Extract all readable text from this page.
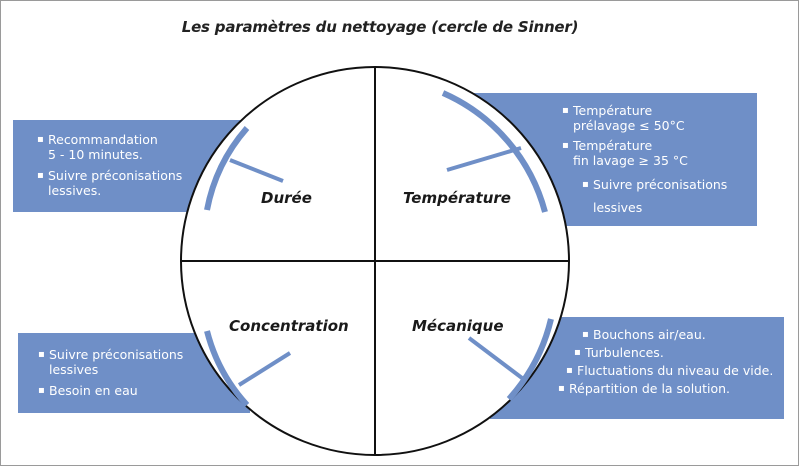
Les paramètres du nettoyage (cercle de Sinner)
▪ Recommandation
5 - 10 minutes.
▪ Suivre préconisations
lessives.
▪ Température
prélavage ≤ 50°C
▪ Température
fin lavage ≥ 35 °C
▪ Suivre préconisations
lessives
▪ Suivre préconisations
lessives
▪ Besoin en eau
▪ Bouchons air/eau.
▪ Turbulences.
▪ Fluctuations du niveau de vide.
▪ Répartition de la solution.
Durée	Température
Concentration	Mécanique
